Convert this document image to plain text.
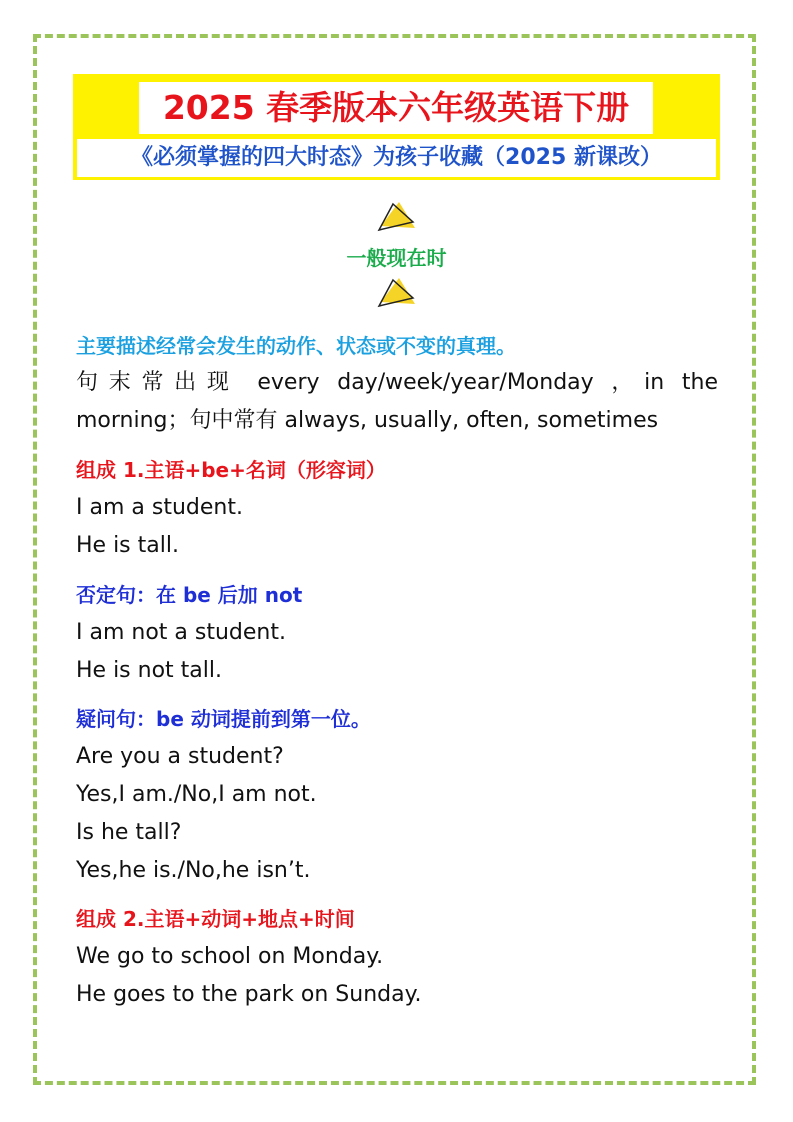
2025 春季版本六年级英语下册
《必须掌握的四大时态》为孩子收藏（2025 新课改）
一般现在时
主要描述经常会发生的动作、状态或不变的真理。
句末常出现 every day/week/year/Monday ，in the
morning；句中常有 always, usually, often, sometimes
组成 1.主语+be+名词（形容词）
I am a student.
He is tall.
否定句：在 be 后加 not
I am not a student.
He is not tall.
疑问句：be 动词提前到第一位。
Are you a student?
Yes,I am./No,I am not.
Is he tall?
Yes,he is./No,he isn’t.
组成 2.主语+动词+地点+时间
We go to school on Monday.
He goes to the park on Sunday.
